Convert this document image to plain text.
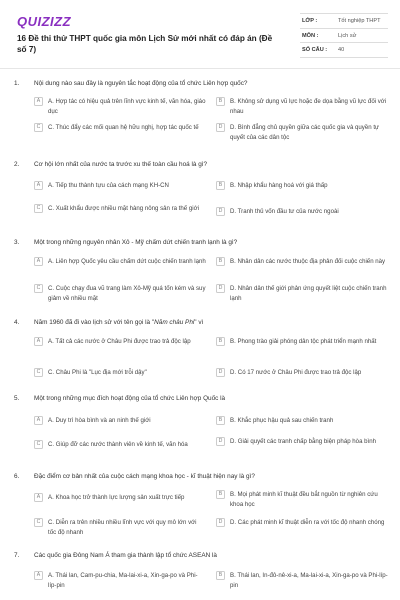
QUIZIZZ
16 Đề thi thử THPT quốc gia môn Lịch Sử mới nhất có đáp án (Đề số 7)
LỚP :	Tốt nghiệp THPT
MÔN :	Lịch sử
SỐ CÂU : 40
1. Nội dung nào sau đây là nguyên tắc hoạt động của tổ chức Liên hợp quốc?
A	A. Hợp tác có hiệu quả trên lĩnh vực kinh tế, văn hóa, giáo dục
B	B. Không sử dụng vũ lực hoặc đe dọa bằng vũ lực đối với nhau
C	C. Thúc đẩy các mối quan hệ hữu nghị, hợp tác quốc tế	D	D. Bình đẳng chủ quyền giữa các quốc gia và quyền tự quyết của các dân tộc
2. Cơ hội lớn nhất của nước ta trước xu thế toàn cầu hoá là gì?
A	A. Tiếp thu thành tựu của cách mạng KH-CN	B	B. Nhập khẩu hàng hoá với giá thấp
C	C. Xuất khẩu được nhiều mặt hàng nông sản ra thế giới	D	D. Tranh thủ vốn đầu tư của nước ngoài
3. Một trong những nguyên nhân Xô - Mỹ chấm dứt chiến tranh lạnh là gì?
A	A. Liên hợp Quốc yêu cầu chấm dứt cuộc chiến tranh lạnh	B	B. Nhân dân các nước thuộc địa phản đối cuộc chiến này
C	C. Cuộc chạy đua vũ trang làm Xô-Mỹ quá tốn kém và suy giảm về nhiều mặt
D	D. Nhân dân thế giới phản ứng quyết liệt cuộc chiến tranh lạnh
4. Năm 1960 đã đi vào lịch sử với tên gọi là "Năm châu Phi" vì
A	A. Tất cả các nước ở Châu Phi được trao trả độc lập	B	B. Phong trào giải phóng dân tộc phát triển mạnh nhất
C	C. Châu Phi là "Lục địa mới trỗi dậy"	D	D. Có 17 nước ở Châu Phi được trao trả độc lập
5. Một trong những mục đích hoạt động của tổ chức Liên hợp Quốc là
A	A. Duy trì hòa bình và an ninh thế giới	B	B. Khắc phục hậu quả sau chiến tranh
C	C. Giúp đỡ các nước thành viên về kinh tế, văn hóa	D	D. Giải quyết các tranh chấp bằng biện pháp hòa bình
6. Đặc điểm cơ bản nhất của cuộc cách mạng khoa học - kĩ thuật hiện nay là gì?
A	A. Khoa học trở thành lực lượng sản xuất trực tiếp	B	B. Mọi phát minh kĩ thuật đều bắt nguồn từ nghiên cứu khoa học
C	C. Diễn ra trên nhiều nhiều lĩnh vực với quy mô lớn với tốc độ nhanh
D	D. Các phát minh kĩ thuật diễn ra với tốc độ nhanh chóng
7. Các quốc gia Đông Nam Á tham gia thành lập tổ chức ASEAN là
A	A. Thái lan, Cam-pu-chia, Ma-lai-xi-a, Xin-ga-po và Phi-líp-pin
B	B. Thái lan, In-đô-nê-xi-a, Ma-lai-xi-a, Xin-ga-po và Phi-líp-pin
